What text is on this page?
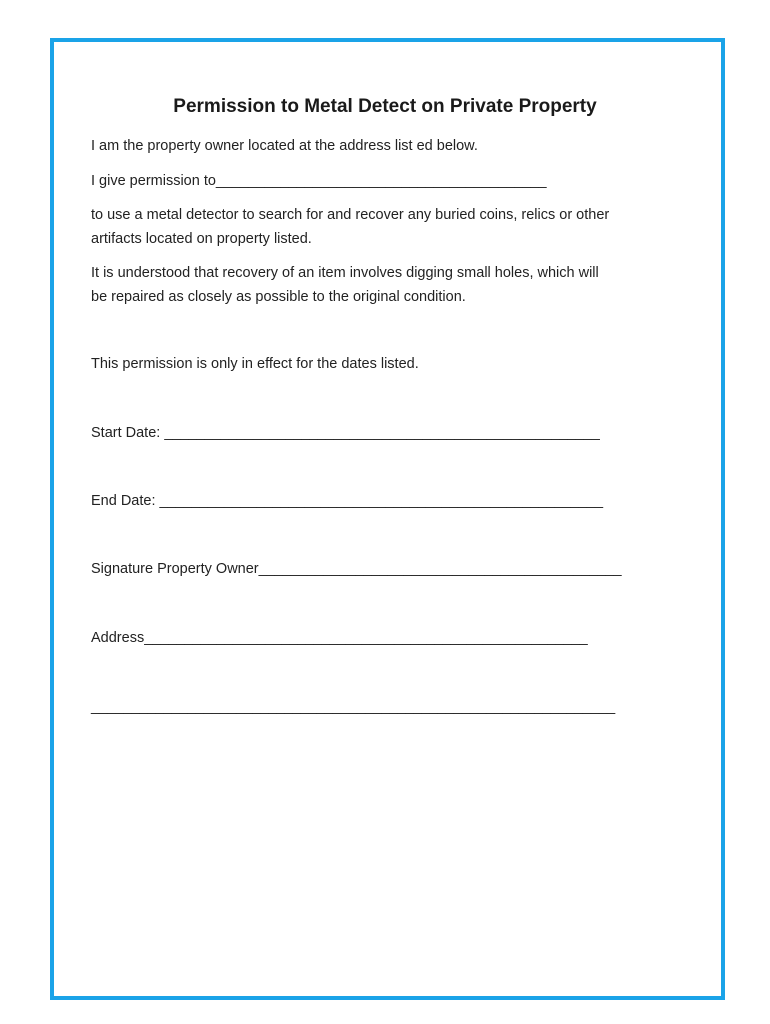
Permission to Metal Detect on Private Property

I am the property owner located at the address list ed below.

I give permission to_________________________________________

to use a metal detector to search for and recover any buried coins, relics or other
artifacts located on property listed.
It is understood that recovery of an item involves digging small holes, which will
be repaired as closely as possible to the original condition.

This permission is only in effect for the dates listed.

Start Date: ______________________________________________________

End Date: _______________________________________________________

Signature Property Owner_____________________________________________

Address_______________________________________________________

_________________________________________________________________
